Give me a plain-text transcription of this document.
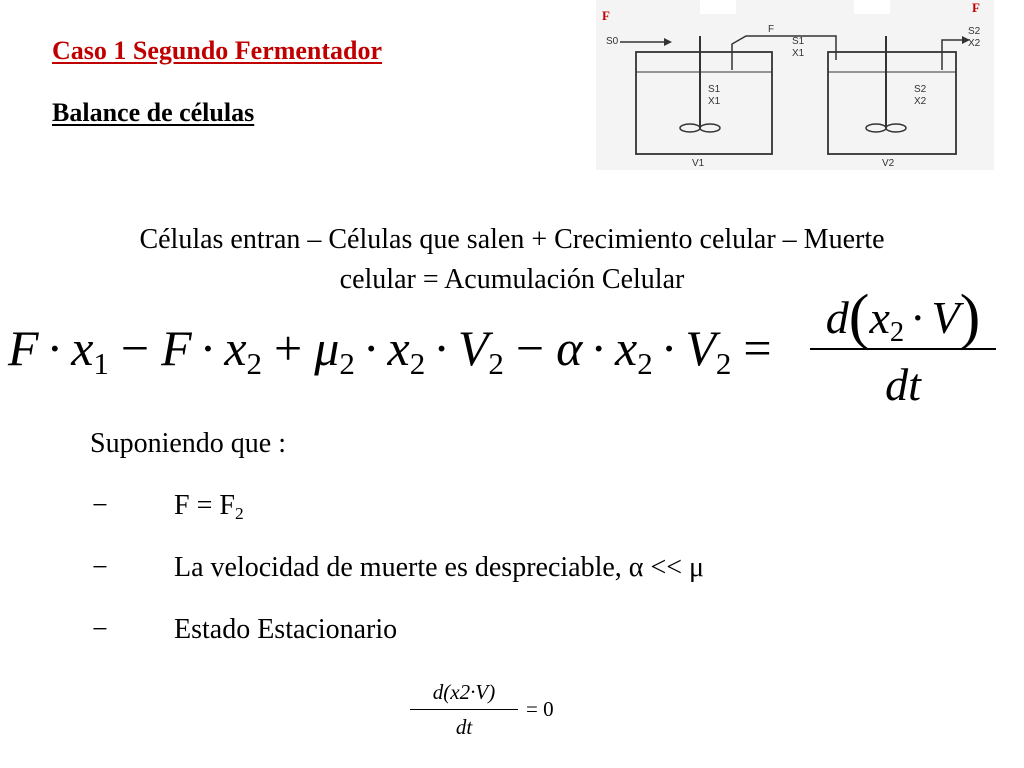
Caso 1 Segundo Fermentador
Balance de células
F
F
S0
S1
X1
V1
F
S1
X1
S2
X2
V2
S2
X2
Células entran – Células que salen + Crecimiento celular – Muerte
celular = Acumulación Celular
F · x1 − F · x2 + μ2 · x2 · V2 − α · x2 · V2 =
d(x2 · V)
dt
Suponiendo que :
− F = F2
− La velocidad de muerte es despreciable, α << μ
− Estado Estacionario
$\frac{d(x2\cdot V)}{dt} = 0$
